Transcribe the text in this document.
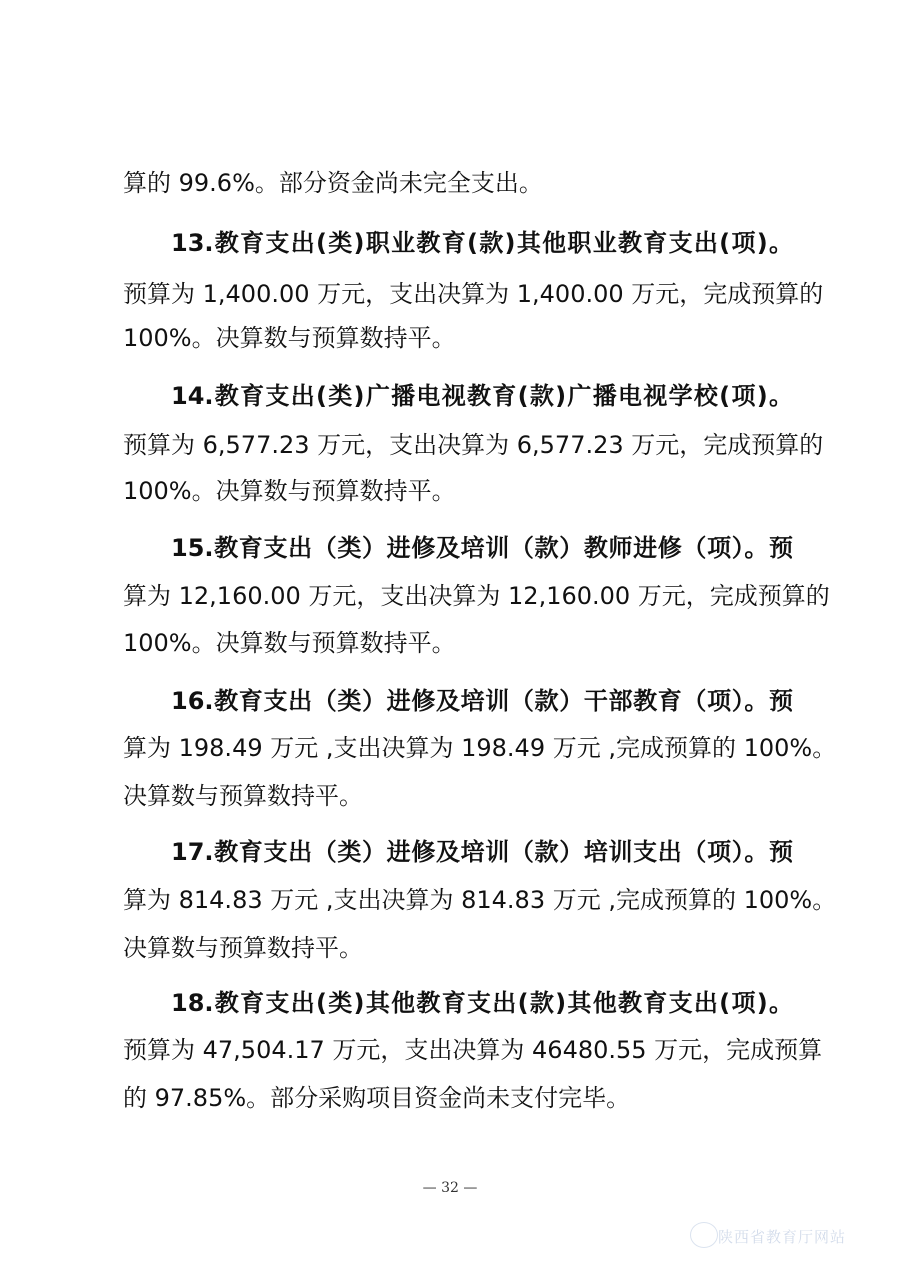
算的 99.6%。部分资金尚未完全支出。
13.教育支出(类)职业教育(款)其他职业教育支出(项)。
预算为 1,400.00 万元，支出决算为 1,400.00 万元，完成预算的
100%。决算数与预算数持平。
14.教育支出(类)广播电视教育(款)广播电视学校(项)。
预算为 6,577.23 万元，支出决算为 6,577.23 万元，完成预算的
100%。决算数与预算数持平。
15.教育支出（类）进修及培训（款）教师进修（项）。预
算为 12,160.00 万元，支出决算为 12,160.00 万元，完成预算的
100%。决算数与预算数持平。
16.教育支出（类）进修及培训（款）干部教育（项）。预
算为 198.49 万元 ,支出决算为 198.49 万元 ,完成预算的 100%。
决算数与预算数持平。
17.教育支出（类）进修及培训（款）培训支出（项）。预
算为 814.83 万元 ,支出决算为 814.83 万元 ,完成预算的 100%。
决算数与预算数持平。
18.教育支出(类)其他教育支出(款)其他教育支出(项)。
预算为 47,504.17 万元，支出决算为 46480.55 万元，完成预算
的 97.85%。部分采购项目资金尚未支付完毕。
— 32 —
陕西省教育厅网站
